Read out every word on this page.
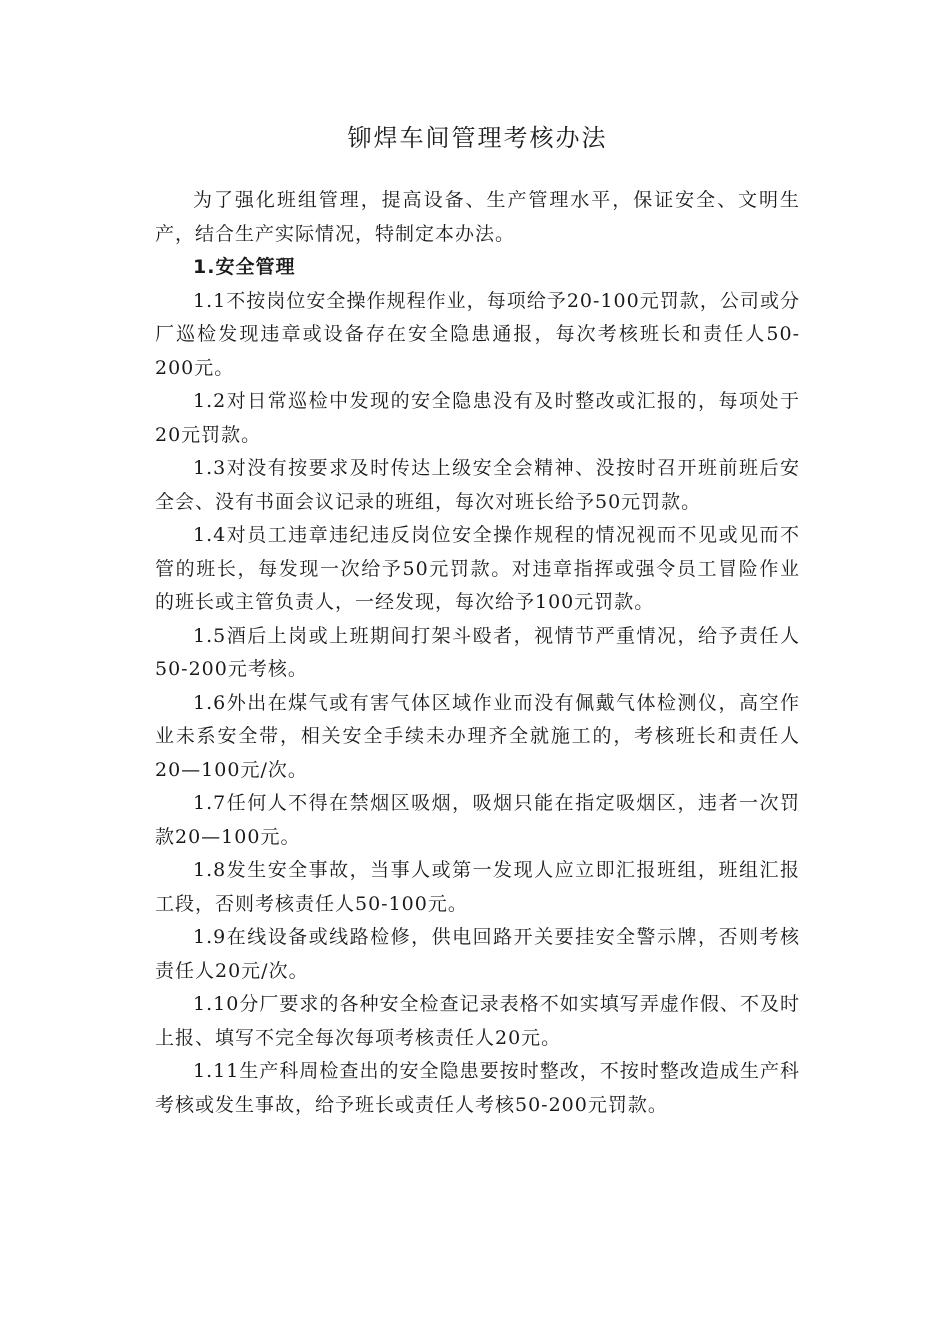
铆焊车间管理考核办法

为了强化班组管理，提高设备、生产管理水平，保证安全、文明生产，结合生产实际情况，特制定本办法。

1.安全管理

1.1不按岗位安全操作规程作业，每项给予20-100元罚款，公司或分厂巡检发现违章或设备存在安全隐患通报，每次考核班长和责任人50-200元。

1.2对日常巡检中发现的安全隐患没有及时整改或汇报的，每项处于20元罚款。

1.3对没有按要求及时传达上级安全会精神、没按时召开班前班后安全会、没有书面会议记录的班组，每次对班长给予50元罚款。

1.4对员工违章违纪违反岗位安全操作规程的情况视而不见或见而不管的班长，每发现一次给予50元罚款。对违章指挥或强令员工冒险作业的班长或主管负责人，一经发现，每次给予100元罚款。

1.5酒后上岗或上班期间打架斗殴者，视情节严重情况，给予责任人50-200元考核。

1.6外出在煤气或有害气体区域作业而没有佩戴气体检测仪，高空作业未系安全带，相关安全手续未办理齐全就施工的，考核班长和责任人20—100元/次。

1.7任何人不得在禁烟区吸烟，吸烟只能在指定吸烟区，违者一次罚款20—100元。

1.8发生安全事故，当事人或第一发现人应立即汇报班组，班组汇报工段，否则考核责任人50-100元。

1.9在线设备或线路检修，供电回路开关要挂安全警示牌，否则考核责任人20元/次。

1.10分厂要求的各种安全检查记录表格不如实填写弄虚作假、不及时上报、填写不完全每次每项考核责任人20元。

1.11生产科周检查出的安全隐患要按时整改，不按时整改造成生产科考核或发生事故，给予班长或责任人考核50-200元罚款。
